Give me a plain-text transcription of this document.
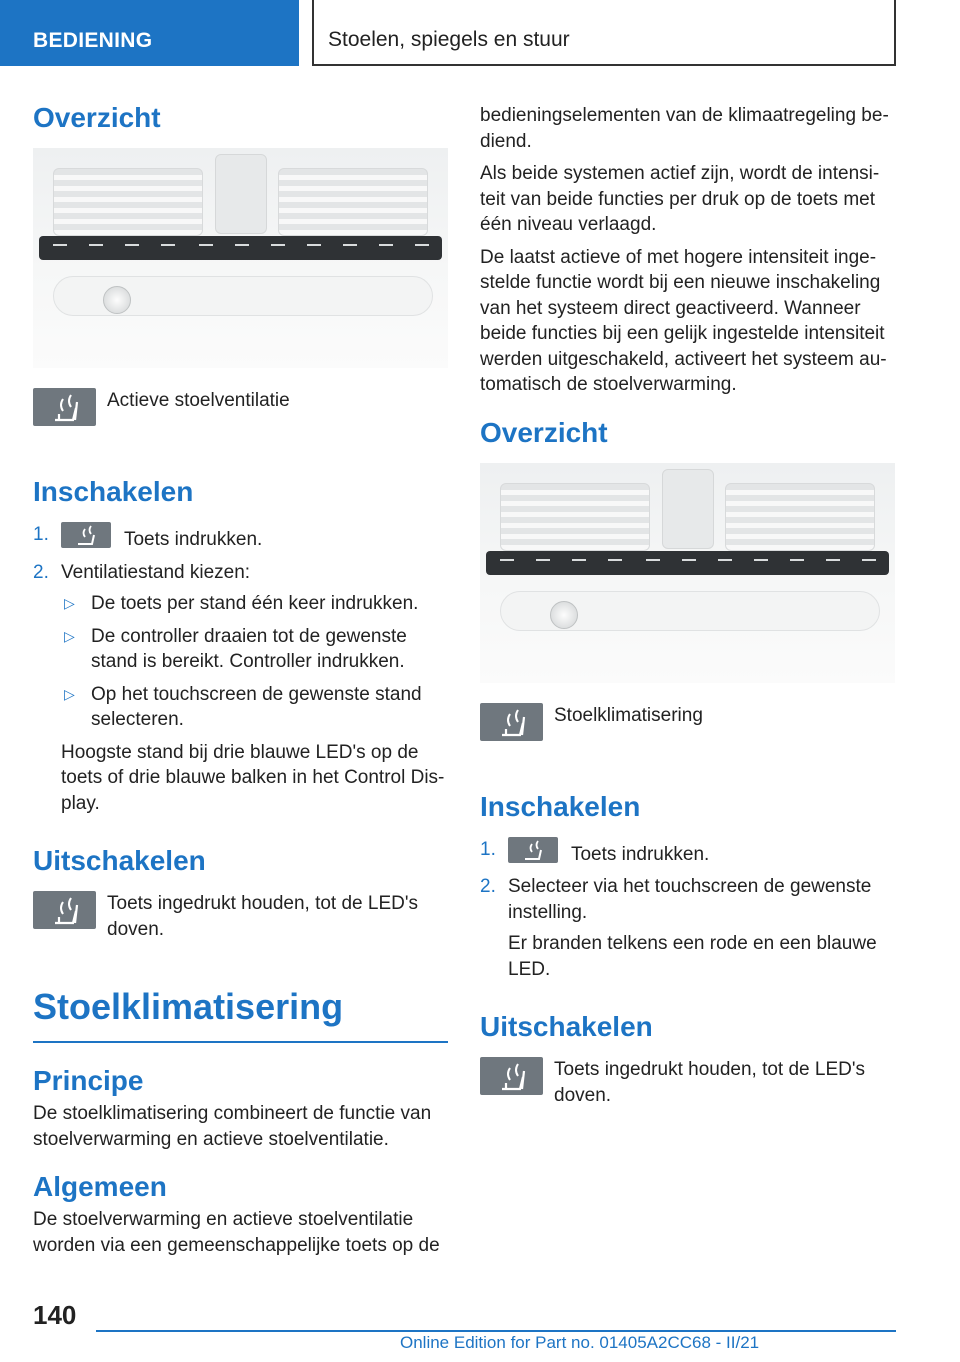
BEDIENING	Stoelen, spiegels en stuur
Overzicht

Actieve stoelventilatie

Inschakelen
1.	Toets indrukken.
2. Ventilatiestand kiezen:
▷ De toets per stand één keer indrukken.
▷ De controller draaien tot de gewenste stand is bereikt. Controller indrukken.
▷ Op het touchscreen de gewenste stand selecteren.
Hoogste stand bij drie blauwe LED's op de toets of drie blauwe balken in het Control Dis-play.
Uitschakelen

Toets ingedrukt houden, tot de LED's doven.

Stoelklimatisering
Principe

De stoelklimatisering combineert de functie van stoelverwarming en actieve stoelventilatie.

Algemeen

De stoelverwarming en actieve stoelventilatie worden via een gemeenschappelijke toets op de

bedieningselementen van de klimaatregeling be-diend.

Als beide systemen actief zijn, wordt de intensi-teit van beide functies per druk op de toets met één niveau verlaagd.

De laatst actieve of met hogere intensiteit inge-stelde functie wordt bij een nieuwe inschakeling van het systeem direct geactiveerd. Wanneer beide functies bij een gelijk ingestelde intensiteit werden uitgeschakeld, activeert het systeem au-tomatisch de stoelverwarming.

Overzicht

Stoelklimatisering

Inschakelen
1.	Toets indrukken.
2. Selecteer via het touchscreen de gewenste instelling.
Er branden telkens een rode en een blauwe LED.
Uitschakelen

Toets ingedrukt houden, tot de LED's doven.

140
Online Edition for Part no. 01405A2CC68 - II/21
